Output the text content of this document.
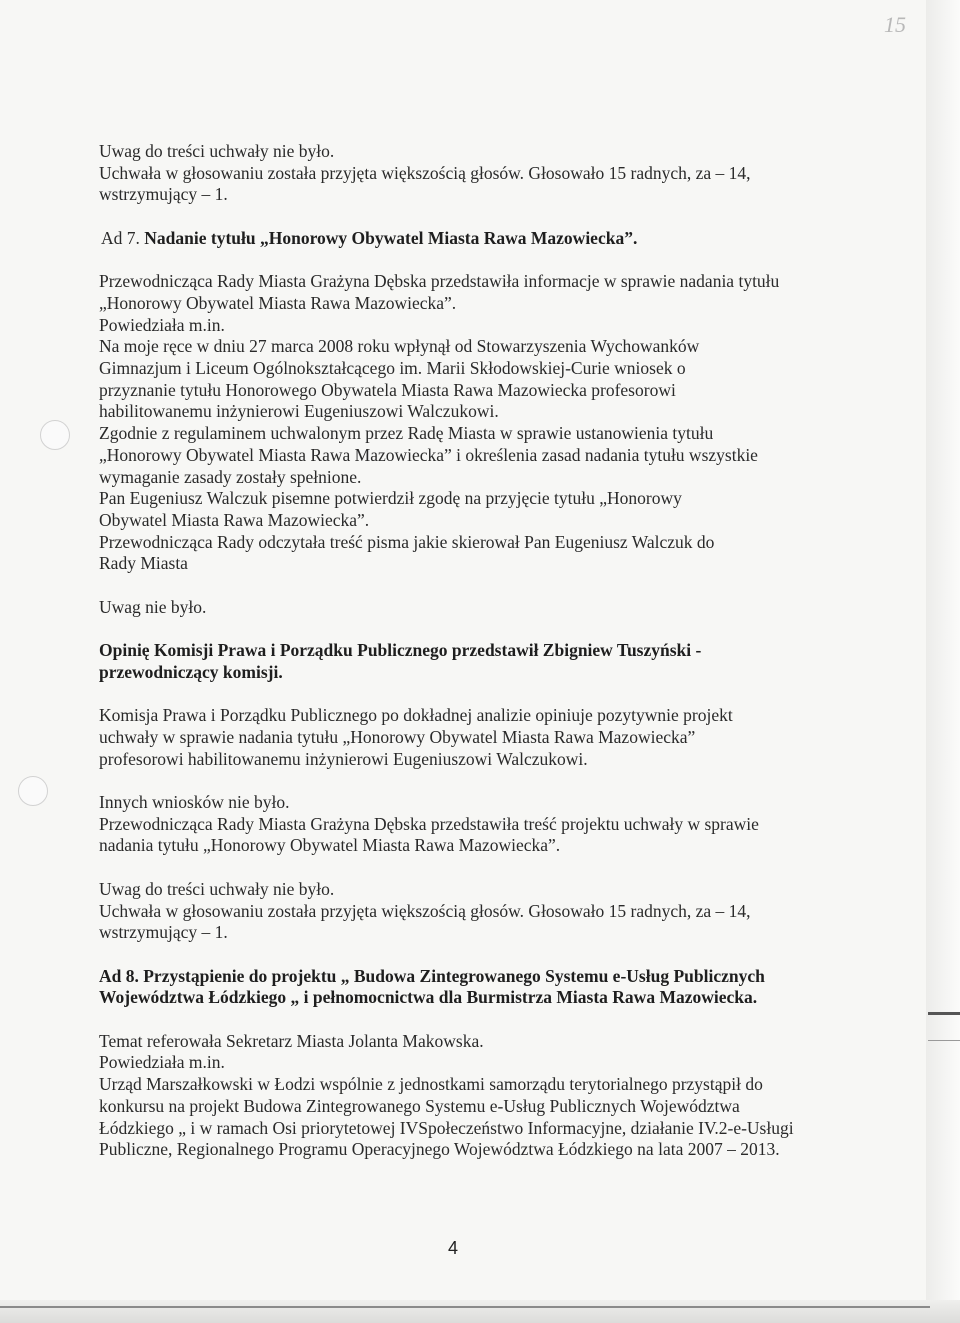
15

Uwag do treści uchwały nie było.

Uchwała w głosowaniu została przyjęta większością głosów. Głosowało 15 radnych, za – 14,

wstrzymujący – 1.

Ad 7. Nadanie tytułu „Honorowy Obywatel Miasta Rawa Mazowiecka”.

Przewodnicząca Rady Miasta Grażyna Dębska przedstawiła informacje w sprawie nadania tytułu

„Honorowy Obywatel Miasta Rawa Mazowiecka”.

Powiedziała m.in.

Na moje ręce w dniu 27 marca 2008 roku wpłynął od Stowarzyszenia Wychowanków

Gimnazjum i Liceum Ogólnokształcącego im. Marii Skłodowskiej-Curie wniosek o

przyznanie tytułu Honorowego Obywatela Miasta Rawa Mazowiecka profesorowi

habilitowanemu inżynierowi Eugeniuszowi Walczukowi.

Zgodnie z regulaminem uchwalonym przez Radę Miasta w sprawie ustanowienia tytułu

„Honorowy Obywatel Miasta Rawa Mazowiecka” i określenia zasad nadania tytułu wszystkie

wymaganie zasady zostały spełnione.

Pan Eugeniusz Walczuk pisemne potwierdził zgodę na przyjęcie tytułu „Honorowy

Obywatel Miasta Rawa Mazowiecka”.

Przewodnicząca Rady odczytała treść pisma jakie skierował Pan Eugeniusz Walczuk do

Rady Miasta

Uwag nie było.

Opinię Komisji Prawa i Porządku Publicznego przedstawił Zbigniew Tuszyński -

przewodniczący komisji.

Komisja Prawa i Porządku Publicznego po dokładnej analizie opiniuje pozytywnie projekt

uchwały w sprawie nadania tytułu „Honorowy Obywatel Miasta Rawa Mazowiecka”

profesorowi habilitowanemu inżynierowi Eugeniuszowi Walczukowi.

Innych wniosków nie było.

Przewodnicząca Rady Miasta Grażyna Dębska przedstawiła treść projektu uchwały w sprawie

nadania tytułu „Honorowy Obywatel Miasta Rawa Mazowiecka”.

Uwag do treści uchwały nie było.

Uchwała w głosowaniu została przyjęta większością głosów. Głosowało 15 radnych, za – 14,

wstrzymujący – 1.

Ad 8. Przystąpienie do projektu „ Budowa Zintegrowanego Systemu e-Usług Publicznych

Województwa Łódzkiego „ i pełnomocnictwa dla Burmistrza Miasta Rawa Mazowiecka.

Temat referowała Sekretarz Miasta Jolanta Makowska.

Powiedziała m.in.

Urząd Marszałkowski w Łodzi wspólnie z jednostkami samorządu terytorialnego przystąpił do

konkursu na projekt Budowa Zintegrowanego Systemu e-Usług Publicznych Województwa

Łódzkiego „ i w ramach Osi priorytetowej IVSpołeczeństwo Informacyjne, działanie IV.2-e-Usługi

Publiczne, Regionalnego Programu Operacyjnego Województwa Łódzkiego na lata 2007 – 2013.

4
